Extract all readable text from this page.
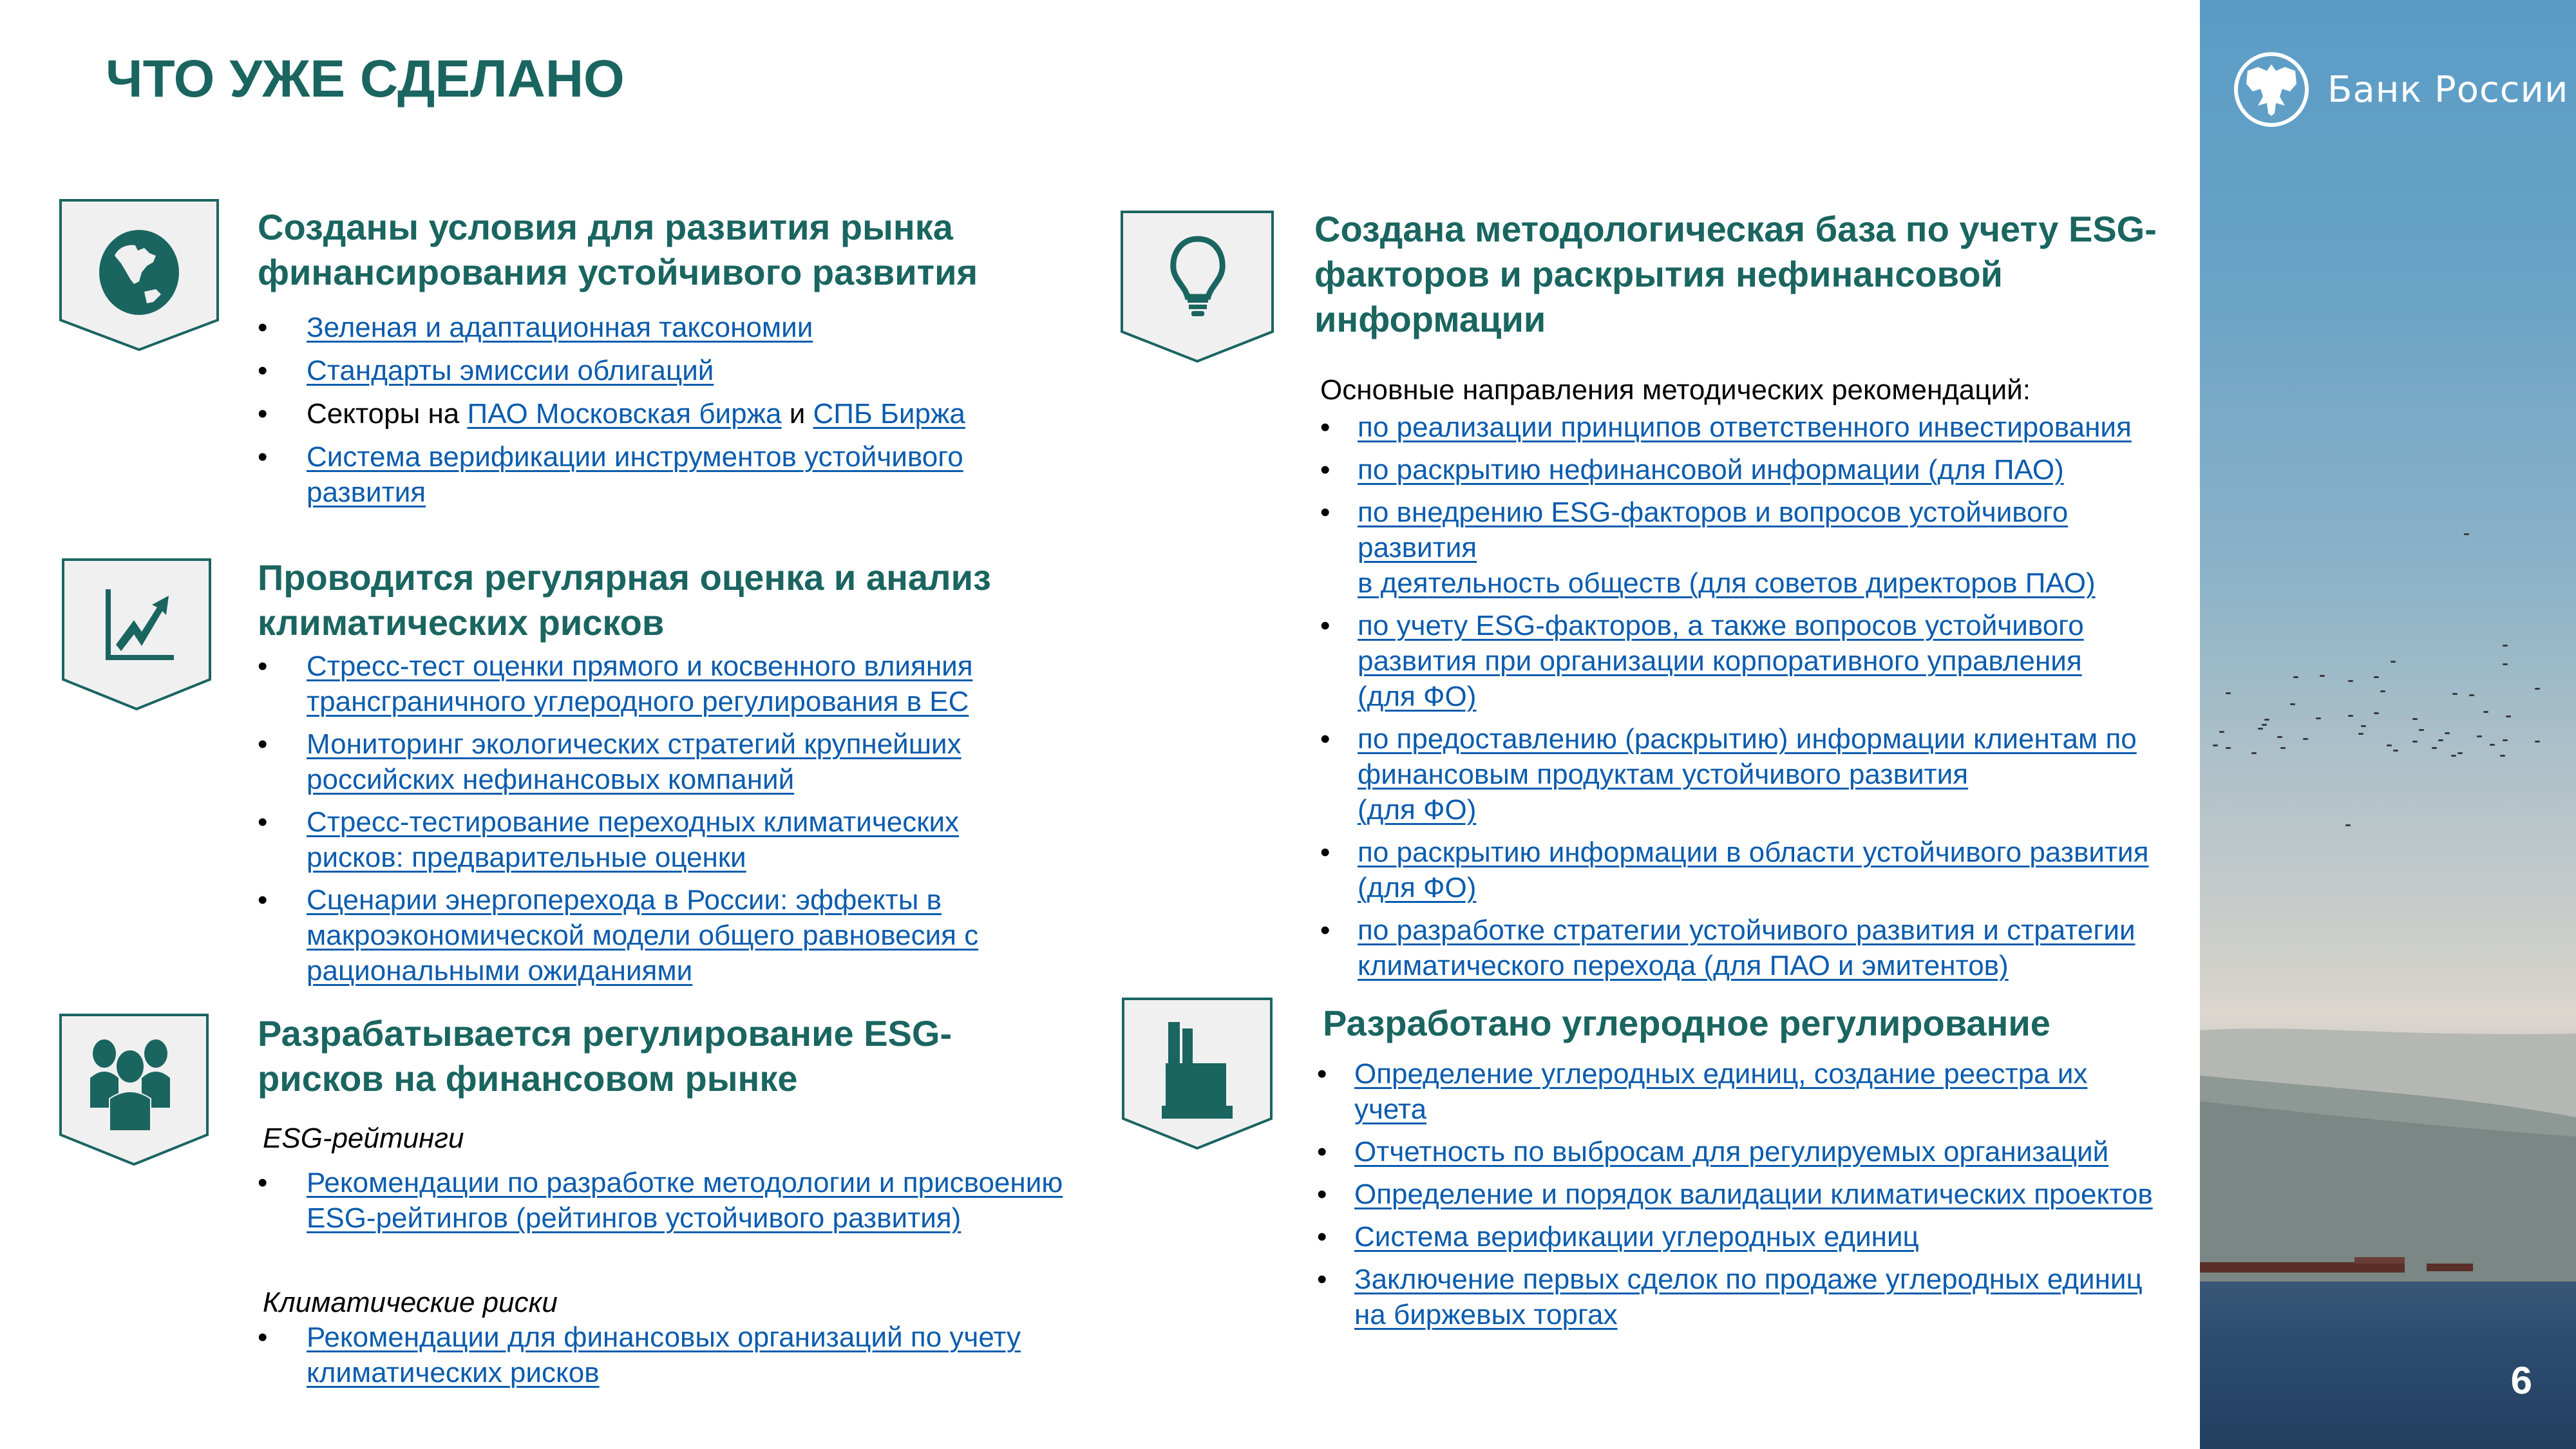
ЧТО УЖЕ СДЕЛАНО
Созданы условия для развития рынка финансирования устойчивого развития
• Зеленая и адаптационная таксономии
• Стандарты эмиссии облигаций
• Секторы на ПАО Московская биржа и СПБ Биржа
• Система верификации инструментов устойчивого развития
Проводится регулярная оценка и анализ климатических рисков
• Стресс-тест оценки прямого и косвенного влияния трансграничного углеродного регулирования в ЕС
• Мониторинг экологических стратегий крупнейших российских нефинансовых компаний
• Стресс-тестирование переходных климатических рисков: предварительные оценки
• Сценарии энергоперехода в России: эффекты в макроэкономической модели общего равновесия с рациональными ожиданиями
Разрабатывается регулирование ESG-рисков на финансовом рынке
ESG-рейтинги
• Рекомендации по разработке методологии и присвоению ESG-рейтингов (рейтингов устойчивого развития)
Климатические риски
• Рекомендации для финансовых организаций по учету климатических рисков
Создана методологическая база по учету ESG-факторов и раскрытия нефинансовой информации
Основные направления методических рекомендаций:
• по реализации принципов ответственного инвестирования
• по раскрытию нефинансовой информации (для ПАО)
• по внедрению ESG-факторов и вопросов устойчивого развития
в деятельность обществ (для советов директоров ПАО)
• по учету ESG-факторов, а также вопросов устойчивого развития при организации корпоративного управления
(для ФО)
• по предоставлению (раскрытию) информации клиентам по финансовым продуктам устойчивого развития
(для ФО)
• по раскрытию информации в области устойчивого развития
(для ФО)
• по разработке стратегии устойчивого развития и стратегии климатического перехода (для ПАО и эмитентов)
Разработано углеродное регулирование
• Определение углеродных единиц, создание реестра их учета
• Отчетность по выбросам для регулируемых организаций
• Определение и порядок валидации климатических проектов
• Система верификации углеродных единиц
• Заключение первых сделок по продаже углеродных единиц на биржевых торгах
Банк России
6
